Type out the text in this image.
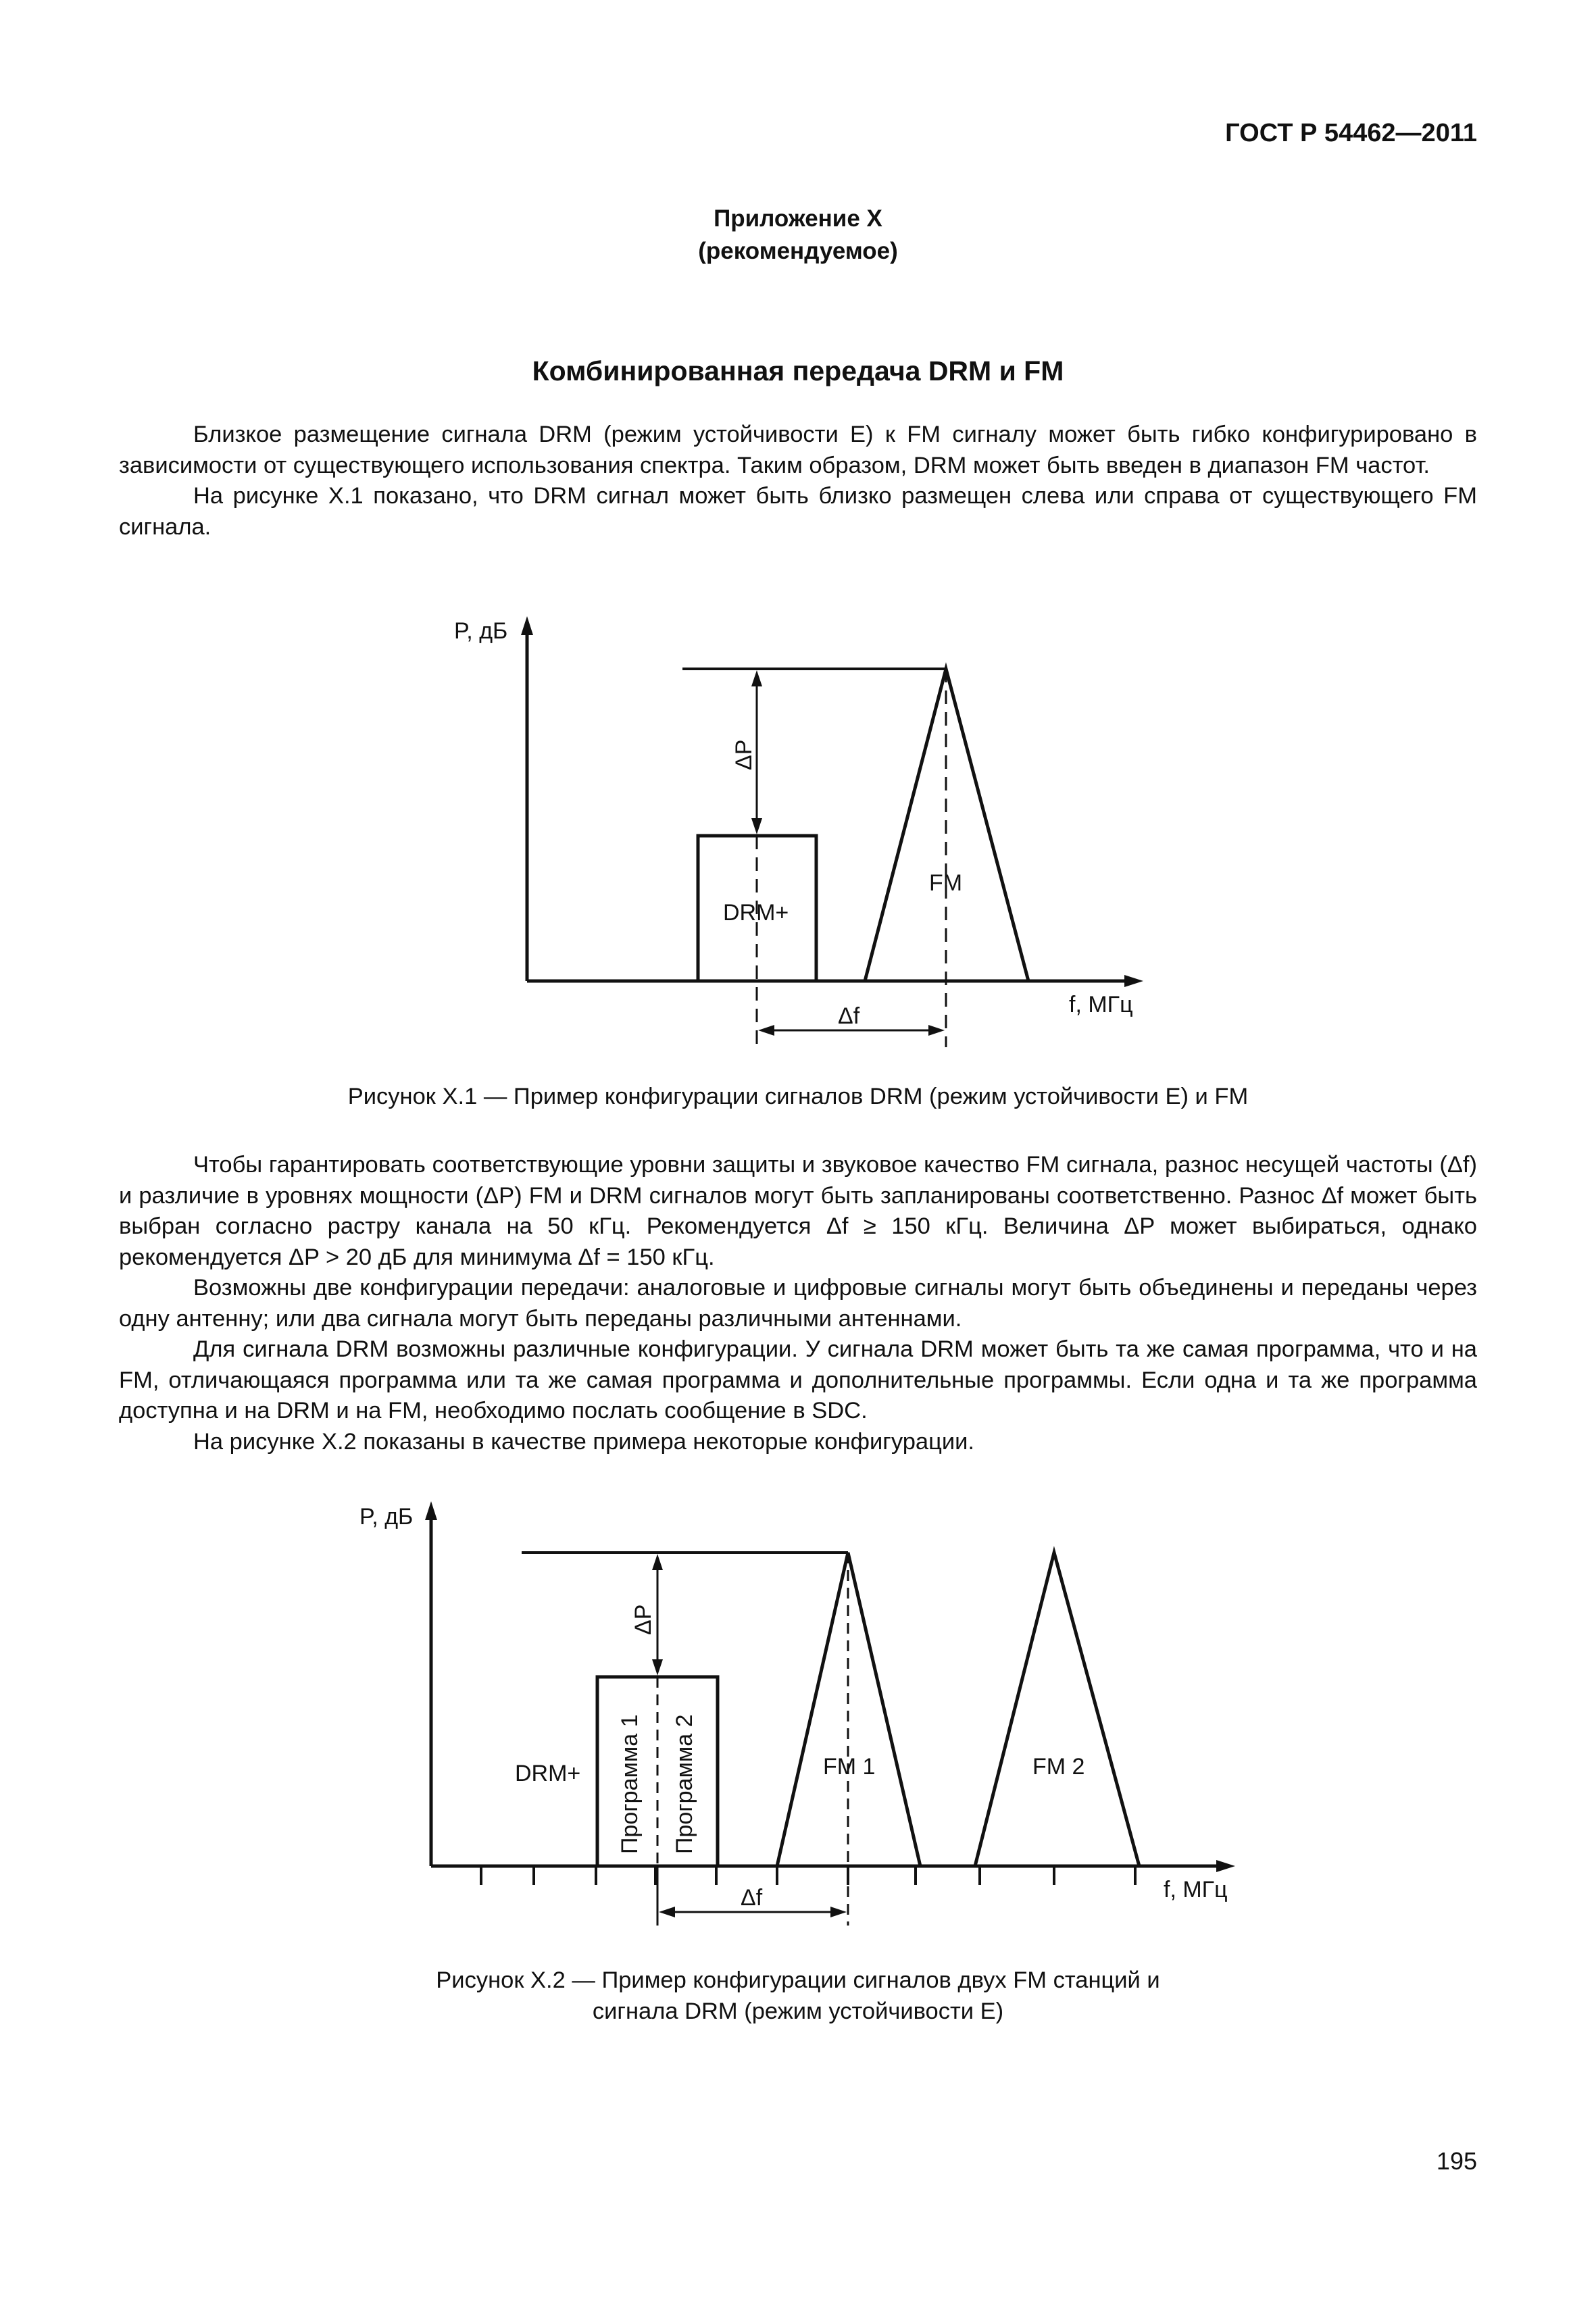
ГОСТ Р 54462—2011
Приложение Х
(рекомендуемое)
Комбинированная передача DRM и FM

Близкое размещение сигнала DRM (режим устойчивости Е) к FM сигналу может быть гибко конфигурировано в зависимости от существующего использования спектра. Таким образом, DRM может быть введен в диапазон FM частот.

На рисунке Х.1 показано, что DRM сигнал может быть близко размещен слева или справа от существующего FM сигнала.

P, дБ
f, МГц
ΔP
Δf
DRM+
FM
Рисунок Х.1 — Пример конфигурации сигналов DRM (режим устойчивости Е) и FM

Чтобы гарантировать соответствующие уровни защиты и звуковое качество FM сигнала, разнос несущей частоты (Δf) и различие в уровнях мощности (ΔP) FM и DRM сигналов могут быть запланированы соответственно. Разнос Δf может быть выбран согласно растру канала на 50 кГц. Рекомендуется Δf ≥ 150 кГц. Величина ΔP может выбираться, однако рекомендуется ΔP > 20 дБ для минимума Δf = 150 кГц.

Возможны две конфигурации передачи: аналоговые и цифровые сигналы могут быть объединены и переданы через одну антенну; или два сигнала могут быть переданы различными антеннами.

Для сигнала DRM возможны различные конфигурации. У сигнала DRM может быть та же самая программа, что и на FM, отличающаяся программа или та же самая программа и дополнительные программы. Если одна и та же программа доступна и на DRM и на FM, необходимо послать сообщение в SDC.

На рисунке Х.2 показаны в качестве примера некоторые конфигурации.

P, дБ
f, МГц
ΔP
Δf
DRM+ Программа 1 Программа 2	FM 1	FM 2
Рисунок Х.2 — Пример конфигурации сигналов двух FM станций и
сигнала DRM (режим устойчивости Е)
195
